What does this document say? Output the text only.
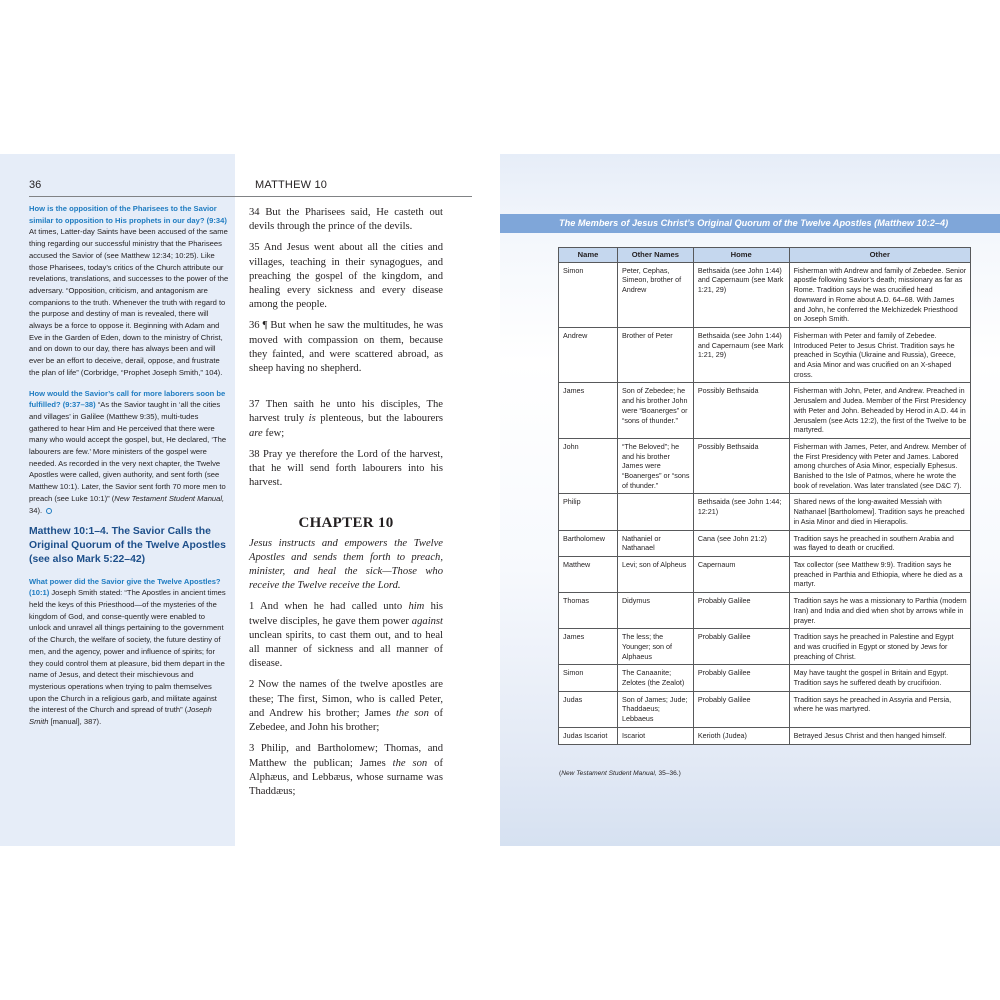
36	MATTHEW 10

How is the opposition of the Pharisees to the Savior similar to opposition to His prophets in our day? (9:34) At times, Latter-day Saints have been accused of the same thing regarding our successful ministry that the Pharisees accused the Savior of (see Matthew 12:34; 10:25). Like those Pharisees, today’s critics of the Church attribute our revelations, translations, and successes to the power of the adversary. “Opposition, criticism, and antagonism are companions to the truth. Whenever the truth with regard to the purpose and destiny of man is revealed, there will always be a force to oppose it. Beginning with Adam and Eve in the Garden of Eden, down to the ministry of Christ, and on down to our day, there has always been and will ever be an effort to deceive, derail, oppose, and frustrate the plan of life” (Corbridge, “Prophet Joseph Smith,” 104).

How would the Savior’s call for more laborers soon be fulfilled? (9:37–38) “As the Savior taught in ‘all the cities and villages’ in Galilee (Matthew 9:35), multi-tudes gathered to hear Him and He perceived that there were many who would accept the gospel, but, He declared, ‘The labourers are few.’ More ministers of the gospel were needed. As recorded in the very next chapter, the Twelve Apostles were called, given authority, and sent forth (see Matthew 10:1). Later, the Savior sent forth 70 more men to preach (see Luke 10:1)” (New Testament Student Manual, 34).

Matthew 10:1–4. The Savior Calls the Original Quorum of the Twelve Apostles (see also Mark 5:22–42)

What power did the Savior give the Twelve Apostles? (10:1) Joseph Smith stated: “The Apostles in ancient times held the keys of this Priesthood—of the mysteries of the kingdom of God, and conse-quently were enabled to unlock and unravel all things pertaining to the government of the Church, the welfare of society, the future destiny of men, and the agency, power and influence of spirits; for they could control them at pleasure, bid them depart in the name of Jesus, and detect their mischievous and mysterious operations when trying to palm themselves upon the Church in a religious garb, and militate against the interest of the Church and spread of truth” (Joseph Smith [manual], 387).

34 But the Pharisees said, He casteth out devils through the prince of the devils.

35 And Jesus went about all the cities and villages, teaching in their synagogues, and preaching the gospel of the kingdom, and healing every sickness and every disease among the people.

36 ¶ But when he saw the multitudes, he was moved with compassion on them, because they fainted, and were scattered abroad, as sheep having no shepherd.

37 Then saith he unto his disciples, The harvest truly is plenteous, but the labourers are few;

38 Pray ye therefore the Lord of the harvest, that he will send forth labourers into his harvest.

CHAPTER 10

Jesus instructs and empowers the Twelve Apostles and sends them forth to preach, minister, and heal the sick—Those who receive the Twelve receive the Lord.

1 And when he had called unto him his twelve disciples, he gave them power against unclean spirits, to cast them out, and to heal all manner of sickness and all manner of disease.

2 Now the names of the twelve apostles are these; The first, Simon, who is called Peter, and Andrew his brother; James the son of Zebedee, and John his brother;

3 Philip, and Bartholomew; Thomas, and Matthew the publican; James the son of Alphæus, and Lebbæus, whose surname was Thaddæus;

The Members of Jesus Christ’s Original Quorum of the Twelve Apostles (Matthew 10:2–4)
Name	Other Names	Home	Other
Simon	Peter, Cephas, Simeon, brother of Andrew	Bethsaida (see John 1:44) and Capernaum (see Mark 1:21, 29)	Fisherman with Andrew and family of Zebedee. Senior apostle following Savior’s death; missionary as far as Rome. Tradition says he was crucified head downward in Rome about A.D. 64–68. With James and John, he conferred the Melchizedek Priesthood on Joseph Smith.
Andrew	Brother of Peter	Bethsaida (see John 1:44) and Capernaum (see Mark 1:21, 29)	Fisherman with Peter and family of Zebedee. Introduced Peter to Jesus Christ. Tradition says he preached in Scythia (Ukraine and Russia), Greece, and Asia Minor and was crucified on an X-shaped cross.
James	Son of Zebedee; he and his brother John were “Boanerges” or “sons of thunder.”	Possibly Bethsaida	Fisherman with John, Peter, and Andrew. Preached in Jerusalem and Judea. Member of the First Presidency with Peter and John. Beheaded by Herod in A.D. 44 in Jerusalem (see Acts 12:2), the first of the Twelve to be martyred.
John	“The Beloved”; he and his brother James were “Boanerges” or “sons of thunder.”	Possibly Bethsaida	Fisherman with James, Peter, and Andrew. Member of the First Presidency with Peter and James. Labored among churches of Asia Minor, especially Ephesus. Banished to the Isle of Patmos, where he wrote the book of revelation. Was later translated (see D&C 7).
Philip		Bethsaida (see John 1:44; 12:21)	Shared news of the long-awaited Messiah with Nathanael [Bartholomew]. Tradition says he preached in Asia Minor and died in Hierapolis.
Bartholomew	Nathaniel or Nathanael	Cana (see John 21:2)	Tradition says he preached in southern Arabia and was flayed to death or crucified.
Matthew	Levi; son of Alpheus	Capernaum	Tax collector (see Matthew 9:9). Tradition says he preached in Parthia and Ethiopia, where he died as a martyr.
Thomas	Didymus	Probably Galilee	Tradition says he was a missionary to Parthia (modern Iran) and India and died when shot by arrows while in prayer.
James	The less; the Younger; son of Alphaeus	Probably Galilee	Tradition says he preached in Palestine and Egypt and was crucified in Egypt or stoned by Jews for preaching of Christ.
Simon	The Canaanite; Zelotes (the Zealot)	Probably Galilee	May have taught the gospel in Britain and Egypt. Tradition says he suffered death by crucifixion.
Judas	Son of James; Jude; Thaddaeus; Lebbaeus	Probably Galilee	Tradition says he preached in Assyria and Persia, where he was martyred.
Judas Iscariot	Iscariot	Kerioth (Judea)	Betrayed Jesus Christ and then hanged himself.
(New Testament Student Manual, 35–36.)
